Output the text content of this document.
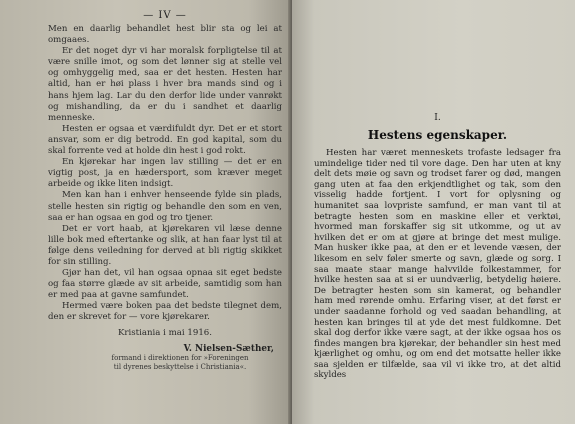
— IV —

Men en daarlig behandlet hest blir sta og lei at omgaaes.

Er det noget dyr vi har moralsk forpligtelse til at være snille imot, og som det lønner sig at stelle vel og omhyggelig med, saa er det hesten. Hesten har altid, han er høi plass i hver bra mands sind og i hans hjem lag. Lar du den derfor lide under vanrøkt og mishandling, da er du i sandhet et daarlig menneske.

Hesten er ogsaa et værdifuldt dyr. Det er et stort ansvar, som er dig betrodd. En god kapital, som du skal forrente ved at holde din hest i god rokt.

En kjørekar har ingen lav stilling — det er en vigtig post, ja en hædersport, som kræver meget arbeide og ikke liten indsigt.

Men kan han i enhver henseende fylde sin plads, stelle hesten sin rigtig og behandle den som en ven, saa er han ogsaa en god og tro tjener.

Det er vort haab, at kjørekaren vil læse denne lille bok med eftertanke og slik, at han faar lyst til at følge dens veiledning for derved at bli rigtig skikket for sin stilling.

Gjør han det, vil han ogsaa opnaa sit eget bedste og faa større glæde av sit arbeide, samtidig som han er med paa at gavne samfundet.

Hermed være boken paa det bedste tilegnet dem, den er skrevet for — vore kjørekarer.

Kristiania i mai 1916.
V. Nielsen-Sæther,
formand i direktionen for »Foreningen
til dyrenes beskyttelse i Christiania«.
I.
Hestens egenskaper.

Hesten har været menneskets trofaste ledsager fra umindelige tider ned til vore dage. Den har uten at kny delt dets møie og savn og trodset farer og død, mangen gang uten at faa den erkjendtlighet og tak, som den visselig hadde fortjent. I vort for oplysning og humanitet saa lovpriste samfund, er man vant til at betragte hesten som en maskine eller et verktøi, hvormed man forskaffer sig sit utkomme, og ut av hvilken det er om at gjøre at bringe det mest mulige. Man husker ikke paa, at den er et levende væsen, der likesom en selv føler smerte og savn, glæde og sorg. I saa maate staar mange halvvilde folkestammer, for hvilke hesten saa at si er uundværlig, betydelig høiere. De betragter hesten som sin kamerat, og behandler ham med rørende omhu. Erfaring viser, at det først er under saadanne forhold og ved saadan behandling, at hesten kan bringes til at yde det mest fuldkomne. Det skal dog derfor ikke være sagt, at der ikke ogsaa hos os findes mangen bra kjørekar, der behandler sin hest med kjærlighet og omhu, og om end det motsatte heller ikke saa sjelden er tilfælde, saa vil vi ikke tro, at det altid skyldes
